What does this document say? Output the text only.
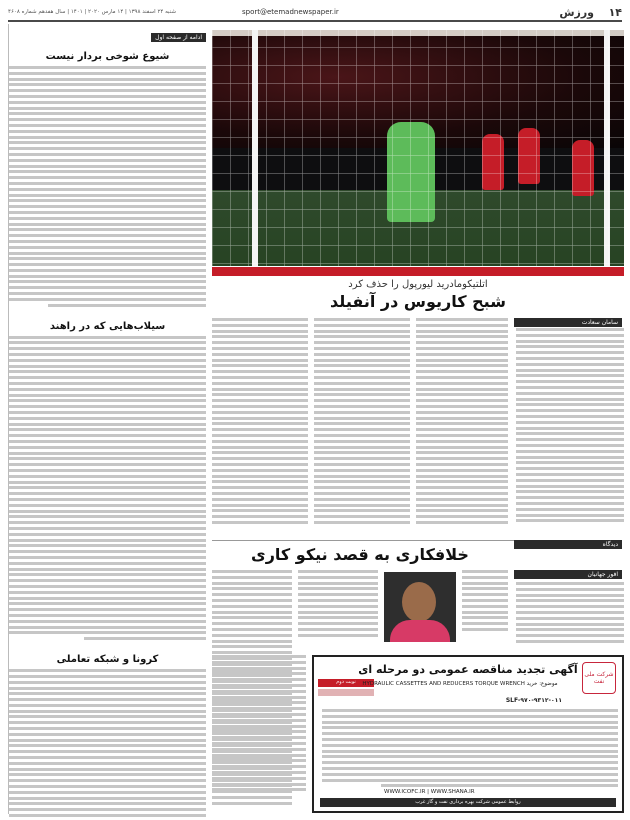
۱۴
ورزش
sport@etemadnewspaper.ir
شنبه ۲۴ اسفند ۱۳۹۸ | ۱۴ مارس ۲۰۲۰ | ۱۴۰۱ | سال هفدهم شماره ۴۶۰۸
ادامه از صفحه اول
شیوع شوخی بردار نیست
سیلاب‌هایی که در راهند
کرونا و شبکه تعاملی
اتلتیکومادرید لیورپول را حذف کرد
شبح کاریوس در آنفیلد
سامان سعادت
دیدگاه
خلافکاری به قصد نیکو کاری
افور جهانیان
شرکت ملی نفت
نوبت دوم
آگهی تجدید مناقصه عمومی دو مرحله ای
موضوع: خرید HYDRAULIC CASSETTES AND REDUCERS TORQUE WRENCH
SLF-۹۷۰-۹۳۱۲-۰۱۱
WWW.ICOFC.IR | WWW.SHANA.IR
روابط عمومی شرکت بهره برداری نفت و گاز غرب
